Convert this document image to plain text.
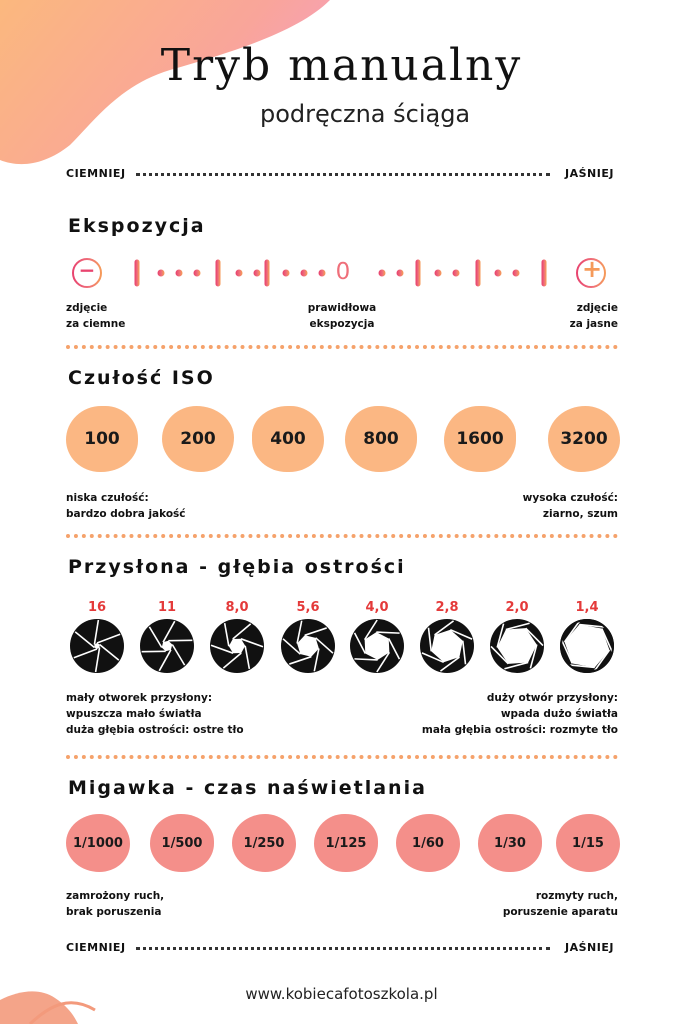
Tryb manualny
podręczna ściąga
CIEMNIEJ	JAŚNIEJ
Ekspozycja
−	0	+
zdjęcie
za ciemne
prawidłowa
ekspozycja
zdjęcie
za jasne
Czułość ISO
100	200	400	800	1600	3200
niska czułość:
bardzo dobra jakość
wysoka czułość:
ziarno, szum
Przysłona - głębia ostrości
16	11	8,0	5,6	4,0	2,8	2,0	1,4
mały otworek przysłony:
wpuszcza mało światła
duża głębia ostrości: ostre tło
duży otwór przysłony:
wpada dużo światła
mała głębia ostrości: rozmyte tło
Migawka - czas naświetlania
1/1000	1/500	1/250	1/125	1/60	1/30	1/15
zamrożony ruch,
brak poruszenia
rozmyty ruch,
poruszenie aparatu
CIEMNIEJ	JAŚNIEJ
www.kobiecafotoszkola.pl
